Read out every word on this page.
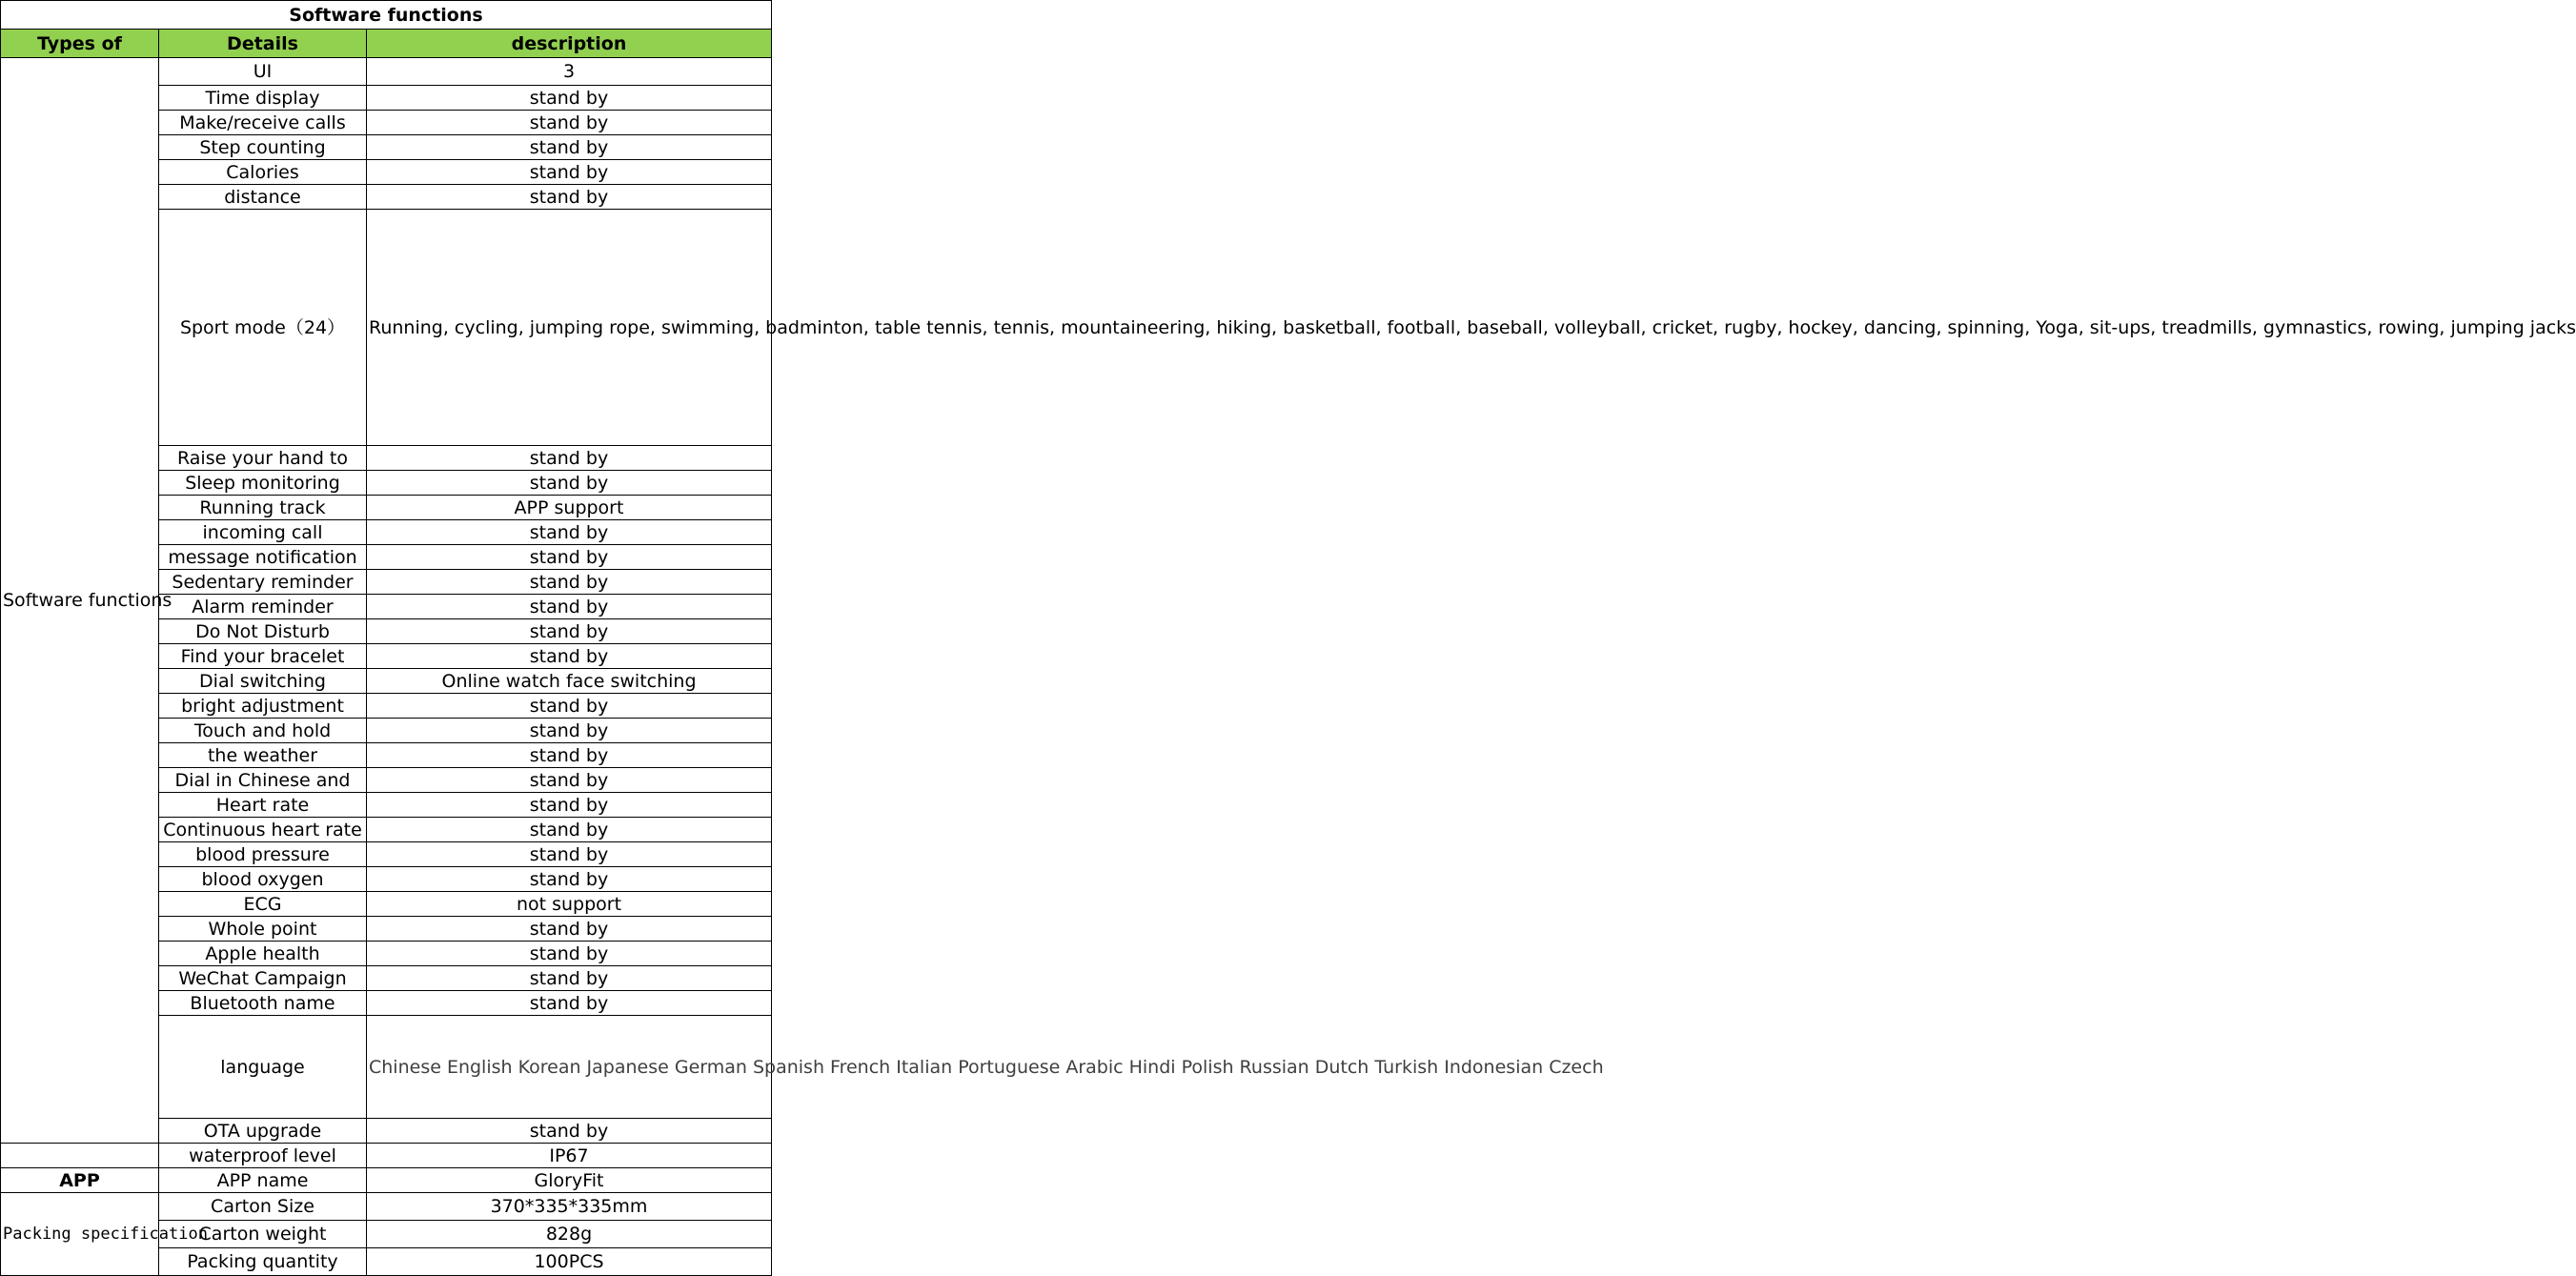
Software functions		
Types of	Details	description
Software functions	UI	3
	Time display	stand by
	Make/receive calls	stand by
	Step counting	stand by
	Calories	stand by
	distance	stand by
	Sport mode（24）	Running, cycling, jumping rope, swimming, badminton, table tennis, tennis, mountaineering, hiking, basketball, football, baseball, volleyball, cricket, rugby, hockey, dancing, spinning, Yoga, sit-ups, treadmills, gymnastics, rowing, jumping jacks
	Raise your hand to	stand by
	Sleep monitoring	stand by
	Running track	APP support
	incoming call	stand by
	message notification	stand by
	Sedentary reminder	stand by
	Alarm reminder	stand by
	Do Not Disturb	stand by
	Find your bracelet	stand by
	Dial switching	Online watch face switching
	bright adjustment	stand by
	Touch and hold	stand by
	the weather	stand by
	Dial in Chinese and	stand by
	Heart rate	stand by
	Continuous heart rate	stand by
	blood pressure	stand by
	blood oxygen	stand by
	ECG	not support
	Whole point	stand by
	Apple health	stand by
	WeChat Campaign	stand by
	Bluetooth name	stand by
	language	Chinese English Korean Japanese German Spanish French Italian Portuguese Arabic Hindi Polish Russian Dutch Turkish Indonesian Czech
	OTA upgrade	stand by
	waterproof level	IP67
APP	APP name	GloryFit
Packing specification	Carton Size	370*335*335mm
	Carton weight	828g
	Packing quantity	100PCS
